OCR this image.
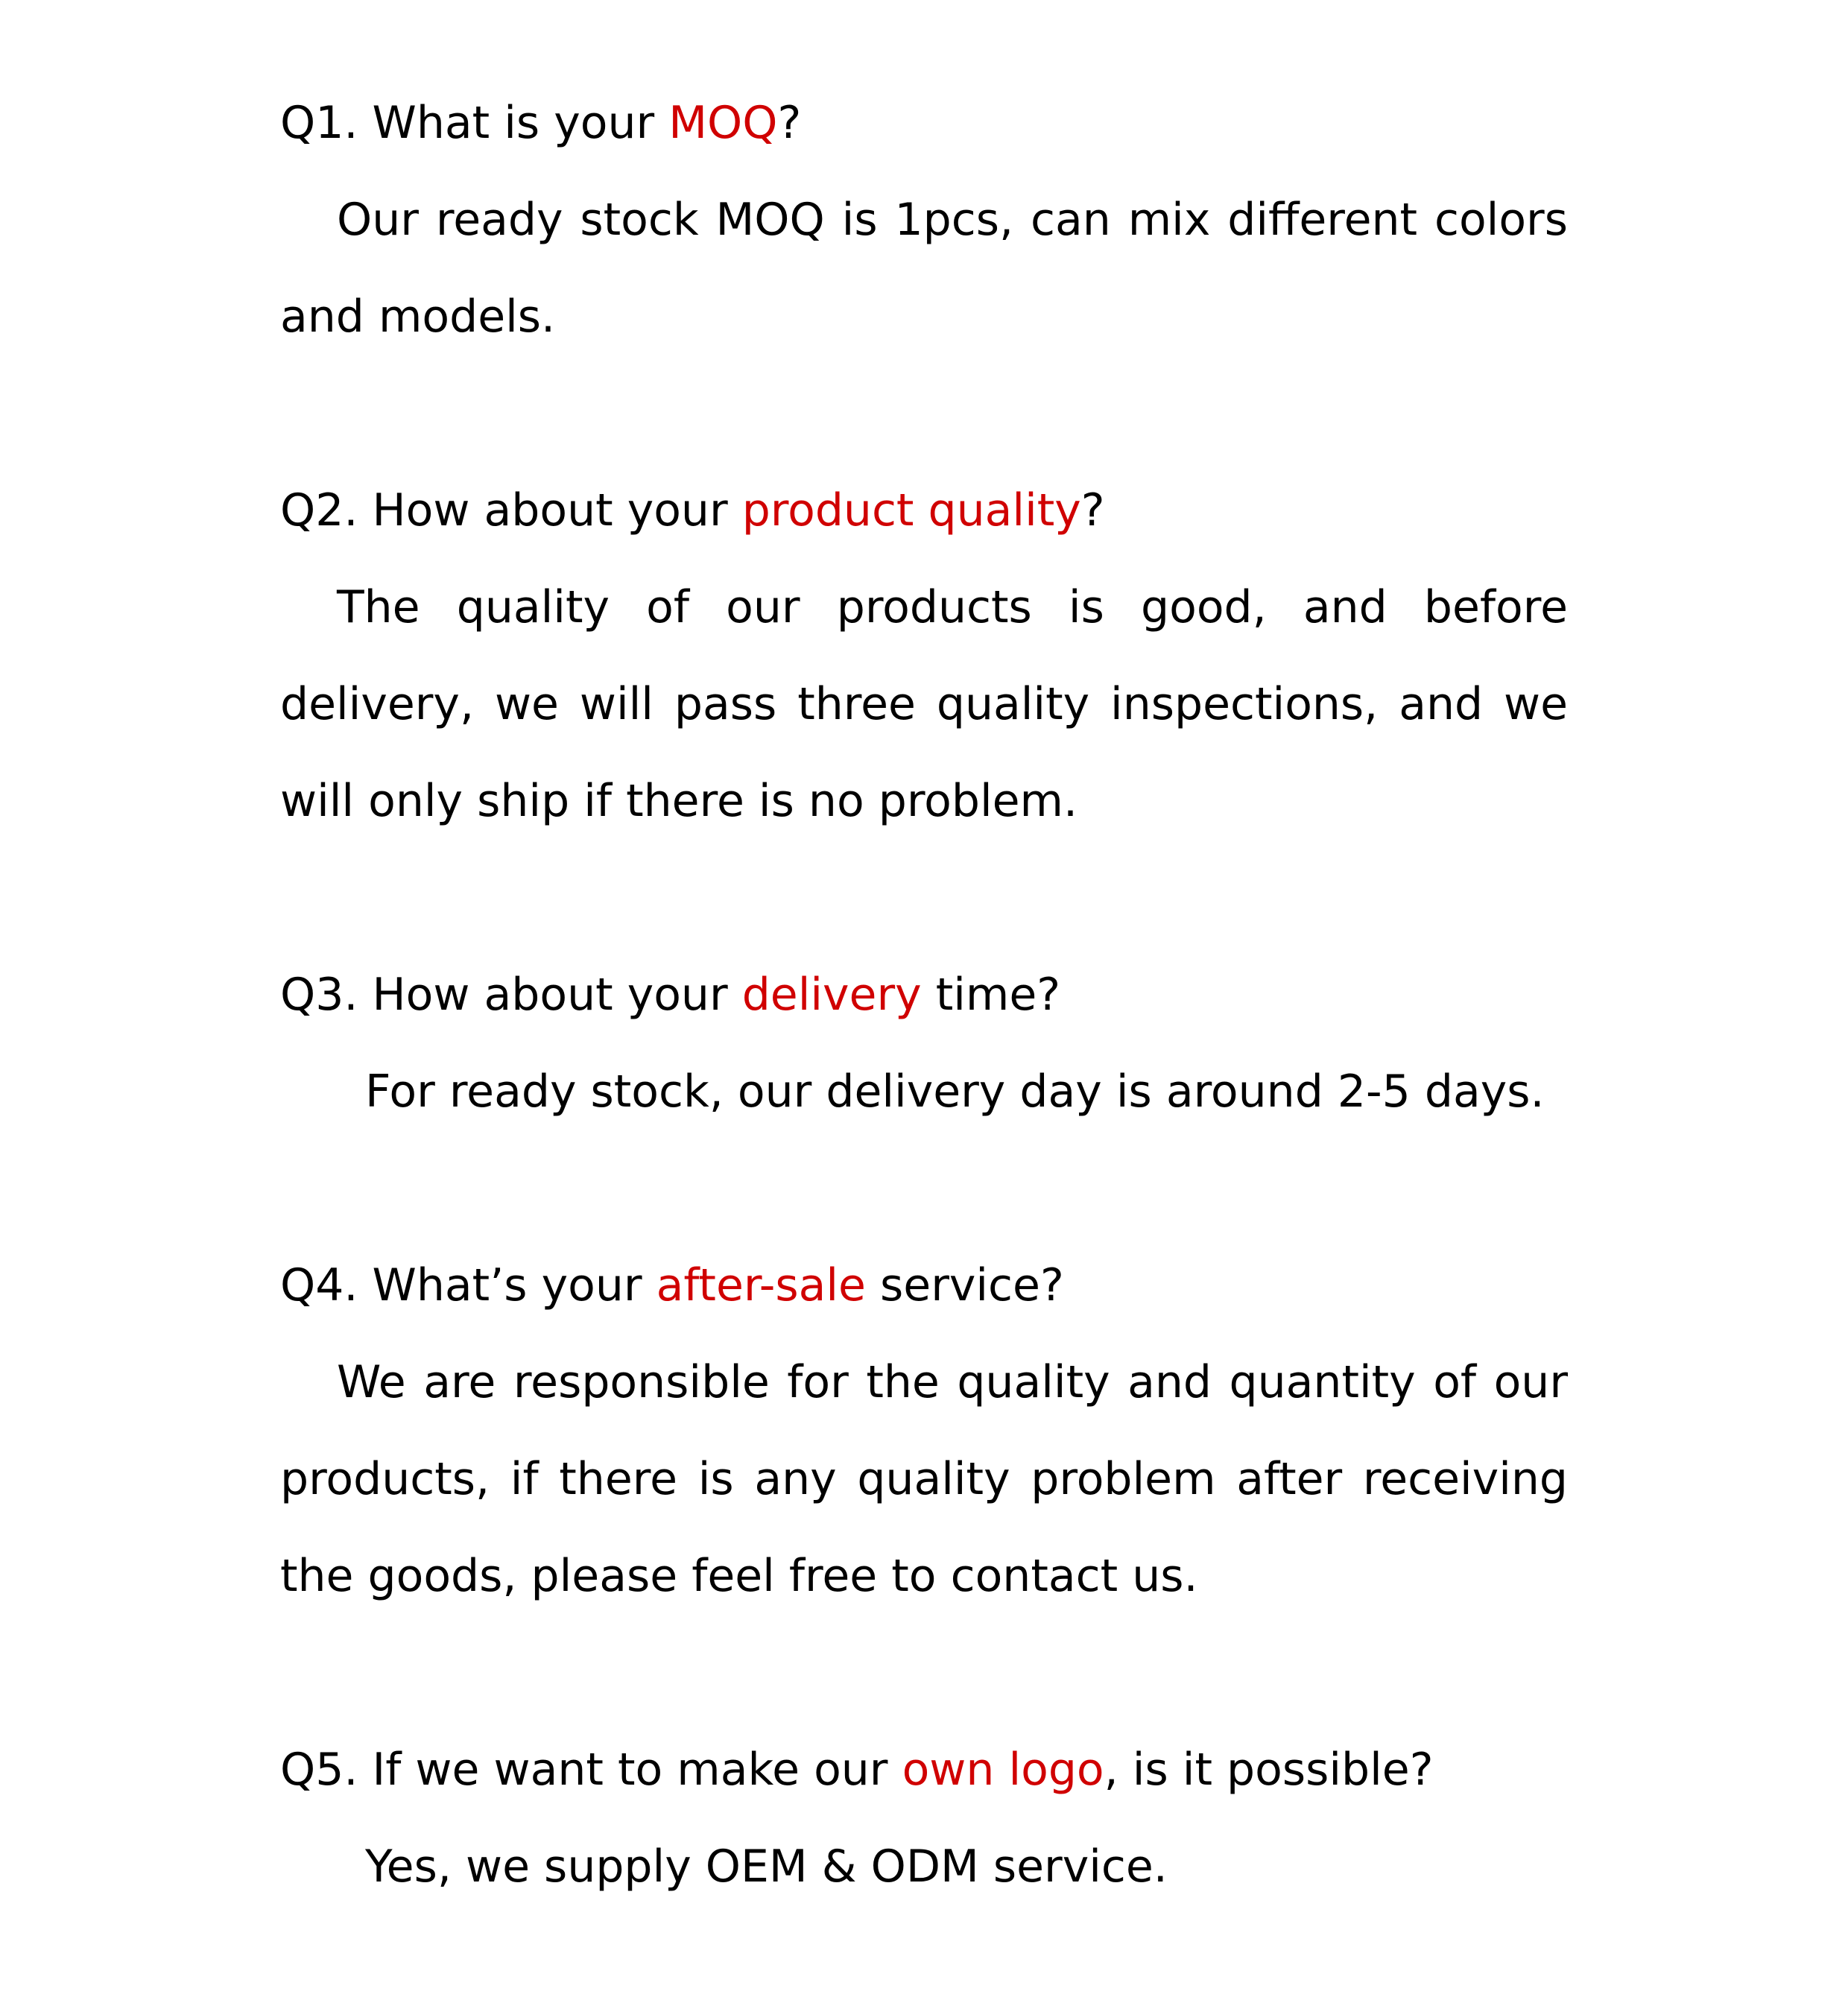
Q1. What is your MOQ?

Our ready stock MOQ is 1pcs, can mix different colors and models.

Q2. How about your product quality?

The quality of our products is good, and before delivery, we will pass three quality inspections, and we will only ship if there is no problem.

Q3. How about your delivery time?

For ready stock, our delivery day is around 2-5 days.

Q4. What’s your after-sale service?

We are responsible for the quality and quantity of our products, if there is any quality problem after receiving the goods, please feel free to contact us.

Q5. If we want to make our own logo, is it possible?

Yes, we supply OEM & ODM service.
